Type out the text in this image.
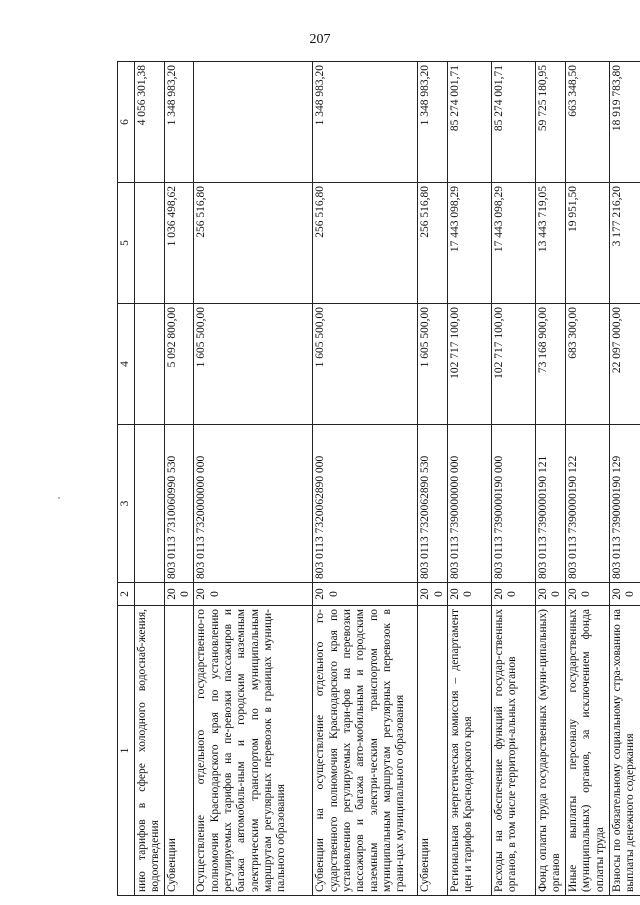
207
1	2	3	4	5	6
нию тарифов в сфере холодного водоснаб-жения, водоотведения					4 056 301,38
Субвенции	200	803 0113 7310060990 530	5 092 800,00	1 036 498,62	1 348 983,20
Осуществление отдельного государственно-го полномочия Краснодарского края по установлению регулируемых тарифов на пе-ревозки пассажиров и багажа автомобиль-ным и городским наземным электрическим транспортом по муниципальным маршрутам регулярных перевозок в границах муници-пального образования	200	803 0113 7320000000 000	1 605 500,00	256 516,80	
Субвенции на осуществление отдельного го-сударственного полномочия Краснодарского края по установлению регулируемых тари-фов на перевозки пассажиров и багажа авто-мобильным и городским наземным электри-ческим транспортом по муниципальным маршрутам регулярных перевозок в грани-цах муниципального образования	200	803 0113 7320062890 000	1 605 500,00	256 516,80	1 348 983,20
Субвенции	200	803 0113 7320062890 530	1 605 500,00	256 516,80	1 348 983,20
Региональная энергетическая комиссия – департамент цен и тарифов Краснодарского края	200	803 0113 7390000000 000	102 717 100,00	17 443 098,29	85 274 001,71
Расходы на обеспечение функций государ-ственных органов, в том числе территори-альных органов	200	803 0113 7390000190 000	102 717 100,00	17 443 098,29	85 274 001,71
Фонд оплаты труда государственных (муни-ципальных) органов	200	803 0113 7390000190 121	73 168 900,00	13 443 719,05	59 725 180,95
Иные выплаты персоналу государственных (муниципальных) органов, за исключением фонда оплаты труда	200	803 0113 7390000190 122	683 300,00	19 951,50	663 348,50
Взносы по обязательному социальному стра-хованию на выплаты денежного содержания	200	803 0113 7390000190 129	22 097 000,00	3 177 216,20	18 919 783,80
